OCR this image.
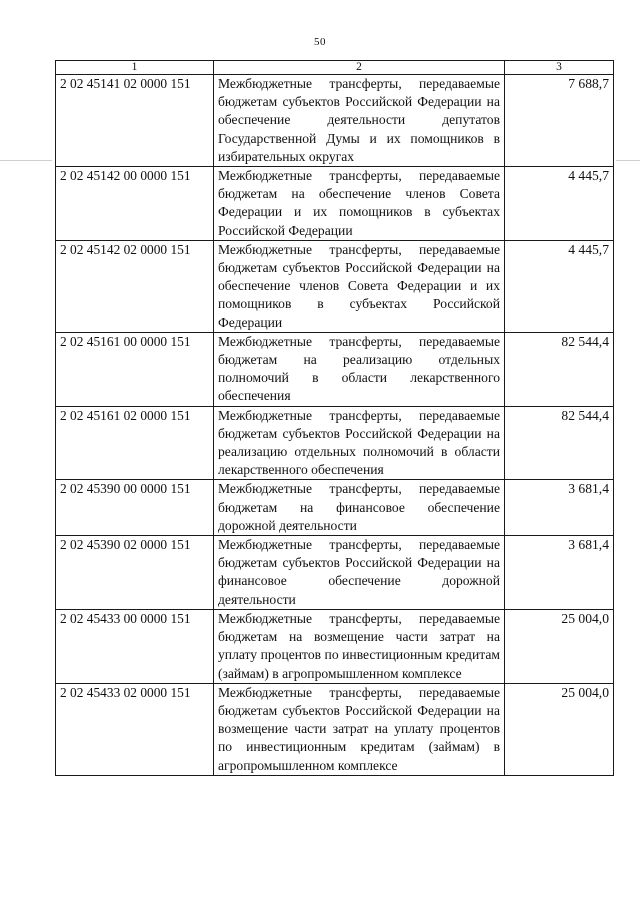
50
1	2	3
2 02 45141 02 0000 151	Межбюджетные трансферты, передаваемые бюджетам субъектов Российской Федерации на обеспечение деятельности депутатов Государственной Думы и их помощников в избирательных округах	7 688,7
2 02 45142 00 0000 151	Межбюджетные трансферты, передаваемые бюджетам на обеспечение членов Совета Федерации и их помощников в субъектах Российской Федерации	4 445,7
2 02 45142 02 0000 151	Межбюджетные трансферты, передаваемые бюджетам субъектов Российской Федерации на обеспечение членов Совета Федерации и их помощников в субъектах Российской Федерации	4 445,7
2 02 45161 00 0000 151	Межбюджетные трансферты, передаваемые бюджетам на реализацию отдельных полномочий в области лекарственного обеспечения	82 544,4
2 02 45161 02 0000 151	Межбюджетные трансферты, передаваемые бюджетам субъектов Российской Федерации на реализацию отдельных полномочий в области лекарственного обеспечения	82 544,4
2 02 45390 00 0000 151	Межбюджетные трансферты, передаваемые бюджетам на финансовое обеспечение дорожной деятельности	3 681,4
2 02 45390 02 0000 151	Межбюджетные трансферты, передаваемые бюджетам субъектов Российской Федерации на финансовое обеспечение дорожной деятельности	3 681,4
2 02 45433 00 0000 151	Межбюджетные трансферты, передаваемые бюджетам на возмещение части затрат на уплату процентов по инвестиционным кредитам (займам) в агропромышленном комплексе	25 004,0
2 02 45433 02 0000 151	Межбюджетные трансферты, передаваемые бюджетам субъектов Российской Федерации на возмещение части затрат на уплату процентов по инвестиционным кредитам (займам) в агропромышленном комплексе	25 004,0
